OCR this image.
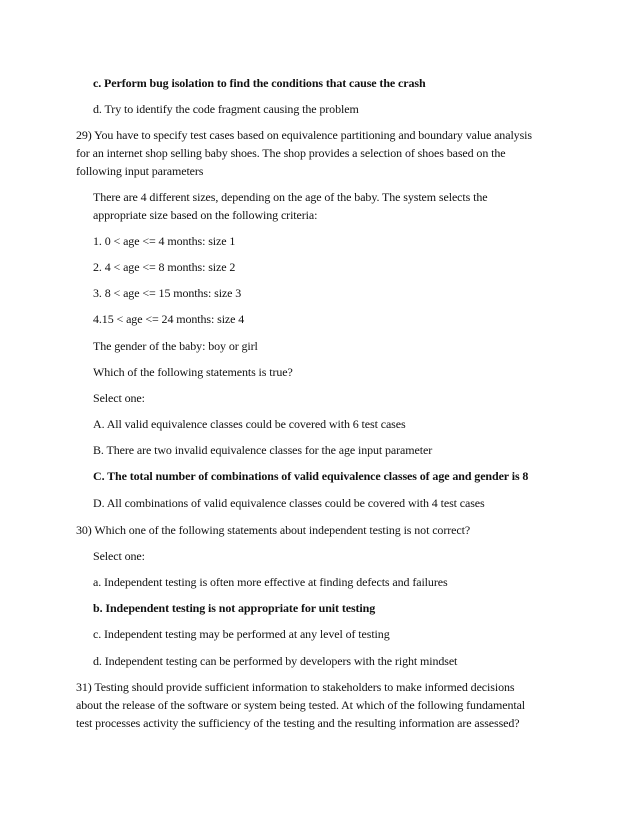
c. Perform bug isolation to find the conditions that cause the crash
d. Try to identify the code fragment causing the problem
29) You have to specify test cases based on equivalence partitioning and boundary value analysis
for an internet shop selling baby shoes. The shop provides a selection of shoes based on the
following input parameters
There are 4 different sizes, depending on the age of the baby. The system selects the
appropriate size based on the following criteria:
1. 0 < age <= 4 months: size 1
2. 4 < age <= 8 months: size 2
3. 8 < age <= 15 months: size 3
4.15 < age <= 24 months: size 4
The gender of the baby: boy or girl
Which of the following statements is true?
Select one:
A. All valid equivalence classes could be covered with 6 test cases
B. There are two invalid equivalence classes for the age input parameter
C. The total number of combinations of valid equivalence classes of age and gender is 8
D. All combinations of valid equivalence classes could be covered with 4 test cases
30) Which one of the following statements about independent testing is not correct?
Select one:
a. Independent testing is often more effective at finding defects and failures
b. Independent testing is not appropriate for unit testing
c. Independent testing may be performed at any level of testing
d. Independent testing can be performed by developers with the right mindset
31) Testing should provide sufficient information to stakeholders to make informed decisions
about the release of the software or system being tested. At which of the following fundamental
test processes activity the sufficiency of the testing and the resulting information are assessed?
